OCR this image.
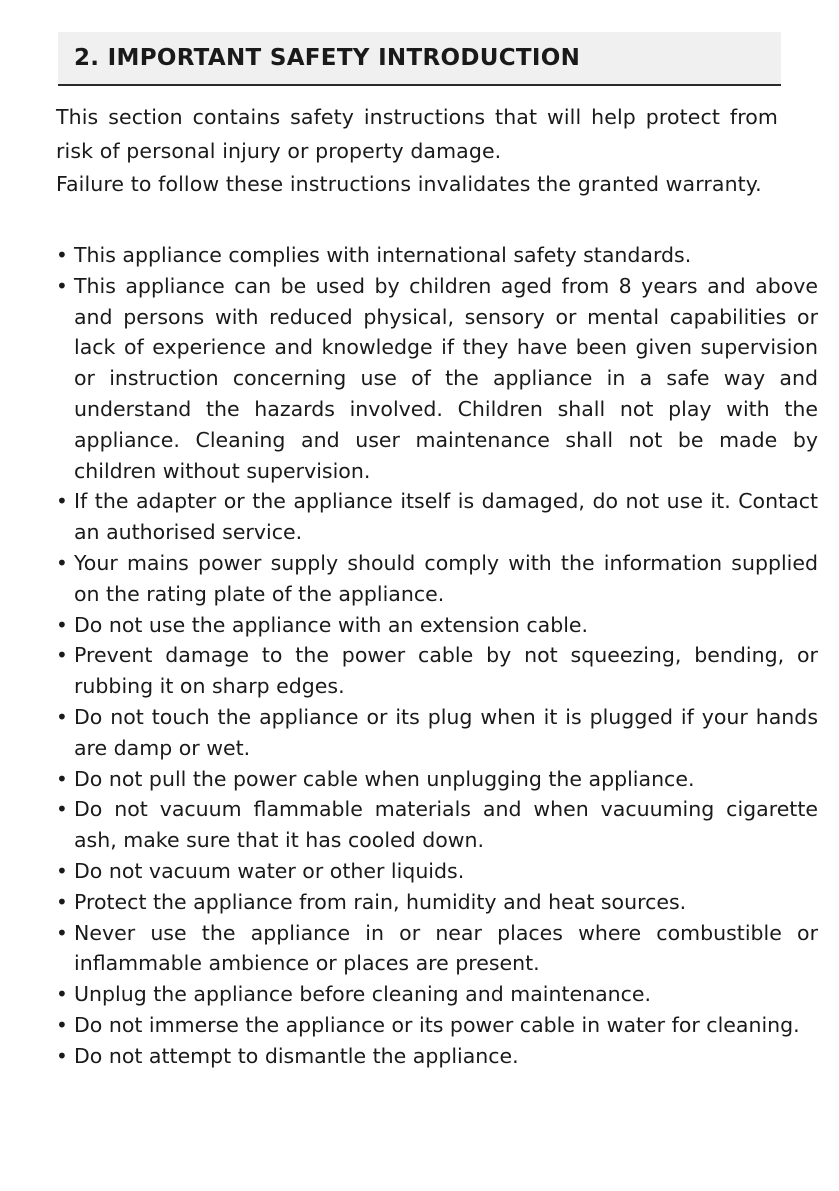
2. IMPORTANT SAFETY INTRODUCTION

This section contains safety instructions that will help protect from risk of personal injury or property damage.

Failure to follow these instructions invalidates the granted warranty.

• This appliance complies with international safety standards.
• This appliance can be used by children aged from 8 years and above and persons with reduced physical, sensory or mental capabilities or lack of experience and knowledge if they have been given supervision or instruction concerning use of the appliance in a safe way and understand the hazards involved. Children shall not play with the appliance. Cleaning and user maintenance shall not be made by children without supervision.
• If the adapter or the appliance itself is damaged, do not use it. Contact an authorised service.
• Your mains power supply should comply with the information supplied on the rating plate of the appliance.
• Do not use the appliance with an extension cable.
• Prevent damage to the power cable by not squeezing, bending, or rubbing it on sharp edges.
• Do not touch the appliance or its plug when it is plugged if your hands are damp or wet.
• Do not pull the power cable when unplugging the appliance.
• Do not vacuum flammable materials and when vacuuming cigarette ash, make sure that it has cooled down.
• Do not vacuum water or other liquids.
• Protect the appliance from rain, humidity and heat sources.
• Never use the appliance in or near places where combustible or inflammable ambience or places are present.
• Unplug the appliance before cleaning and maintenance.
• Do not immerse the appliance or its power cable in water for cleaning.
• Do not attempt to dismantle the appliance.
